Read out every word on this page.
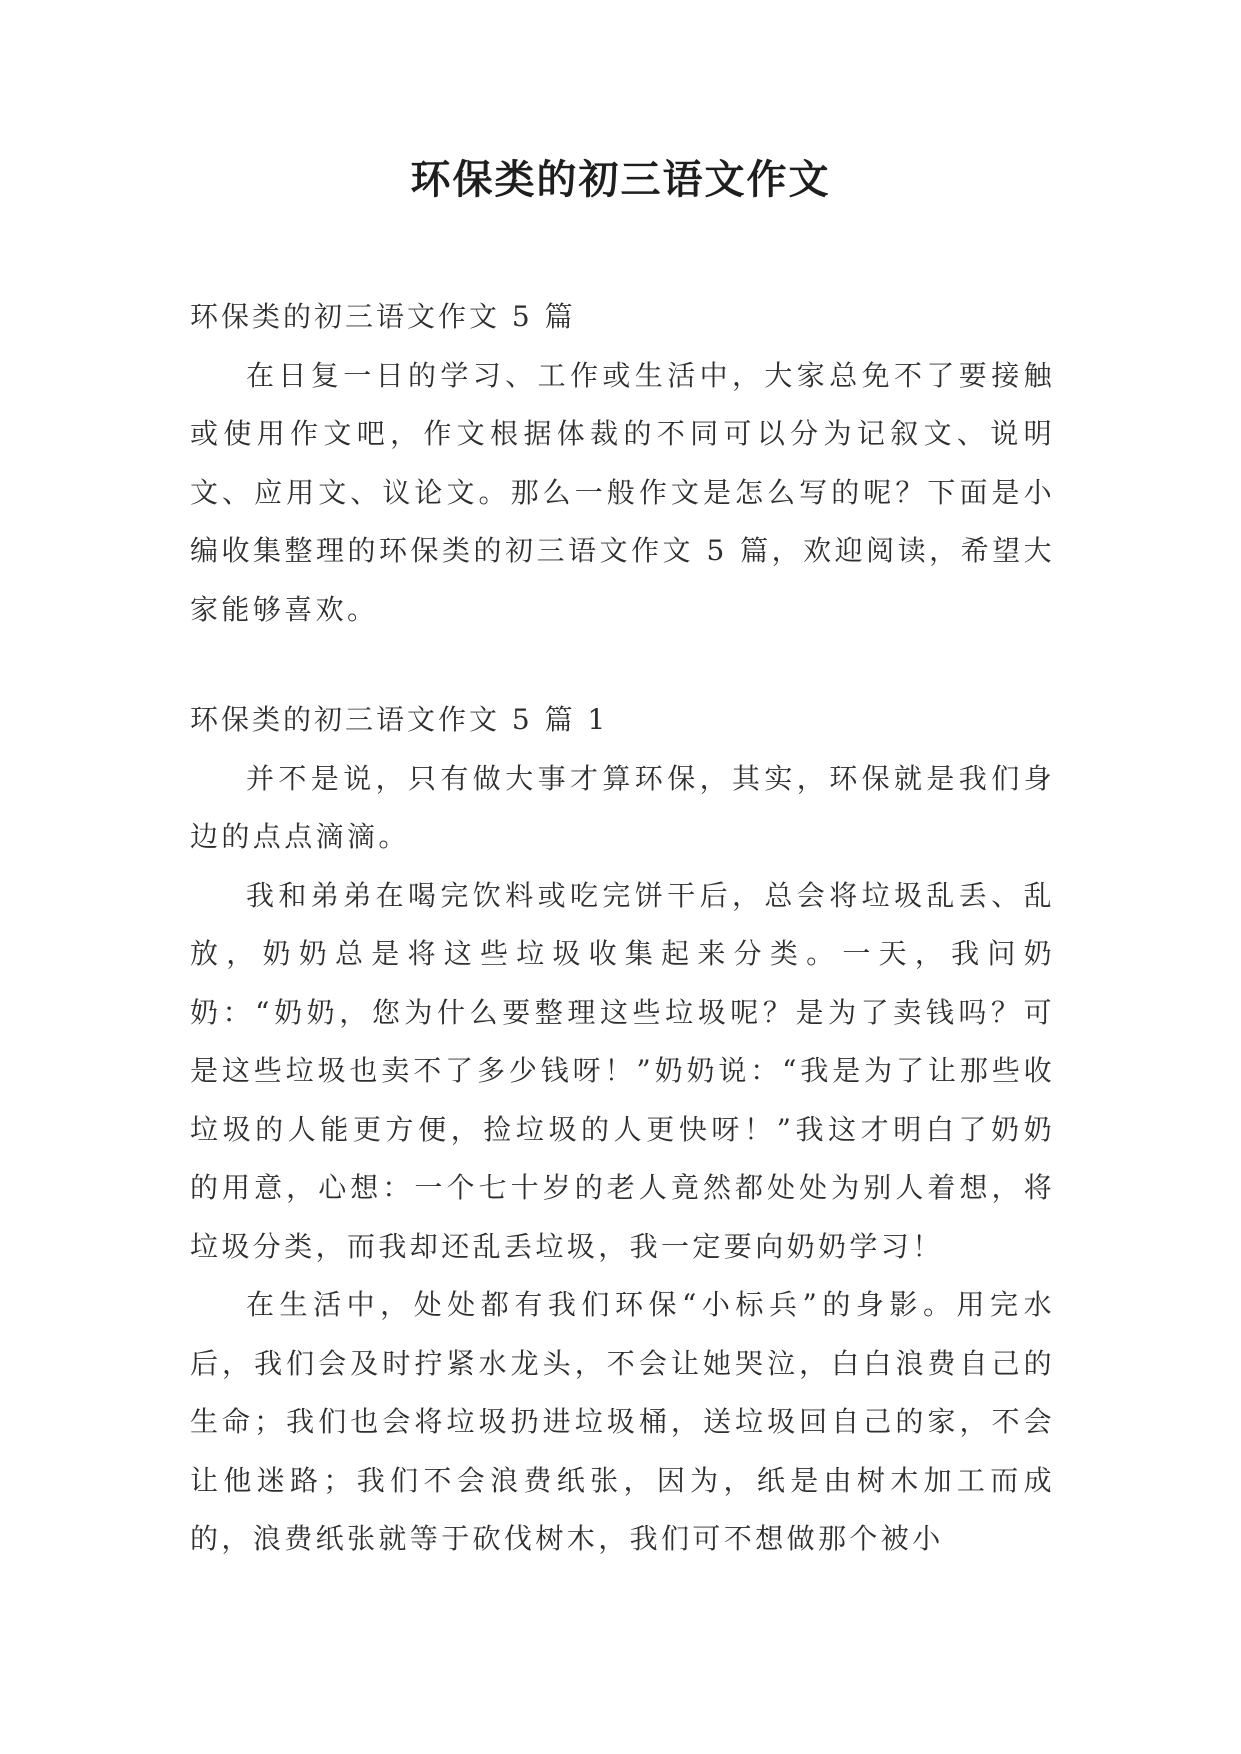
环保类的初三语文作文

环保类的初三语文作文 5 篇

在日复一日的学习、工作或生活中，大家总免不了要接触或使用作文吧，作文根据体裁的不同可以分为记叙文、说明文、应用文、议论文。那么一般作文是怎么写的呢？下面是小编收集整理的环保类的初三语文作文 5 篇，欢迎阅读，希望大家能够喜欢。

环保类的初三语文作文 5 篇 1

并不是说，只有做大事才算环保，其实，环保就是我们身边的点点滴滴。

我和弟弟在喝完饮料或吃完饼干后，总会将垃圾乱丢、乱放，奶奶总是将这些垃圾收集起来分类。一天，我问奶奶：“奶奶，您为什么要整理这些垃圾呢？是为了卖钱吗？可是这些垃圾也卖不了多少钱呀！”奶奶说：“我是为了让那些收垃圾的人能更方便，捡垃圾的人更快呀！”我这才明白了奶奶的用意，心想：一个七十岁的老人竟然都处处为别人着想，将垃圾分类，而我却还乱丢垃圾，我一定要向奶奶学习！

在生活中，处处都有我们环保“小标兵”的身影。用完水后，我们会及时拧紧水龙头，不会让她哭泣，白白浪费自己的生命；我们也会将垃圾扔进垃圾桶，送垃圾回自己的家，不会让他迷路；我们不会浪费纸张，因为，纸是由树木加工而成的，浪费纸张就等于砍伐树木，我们可不想做那个被小
